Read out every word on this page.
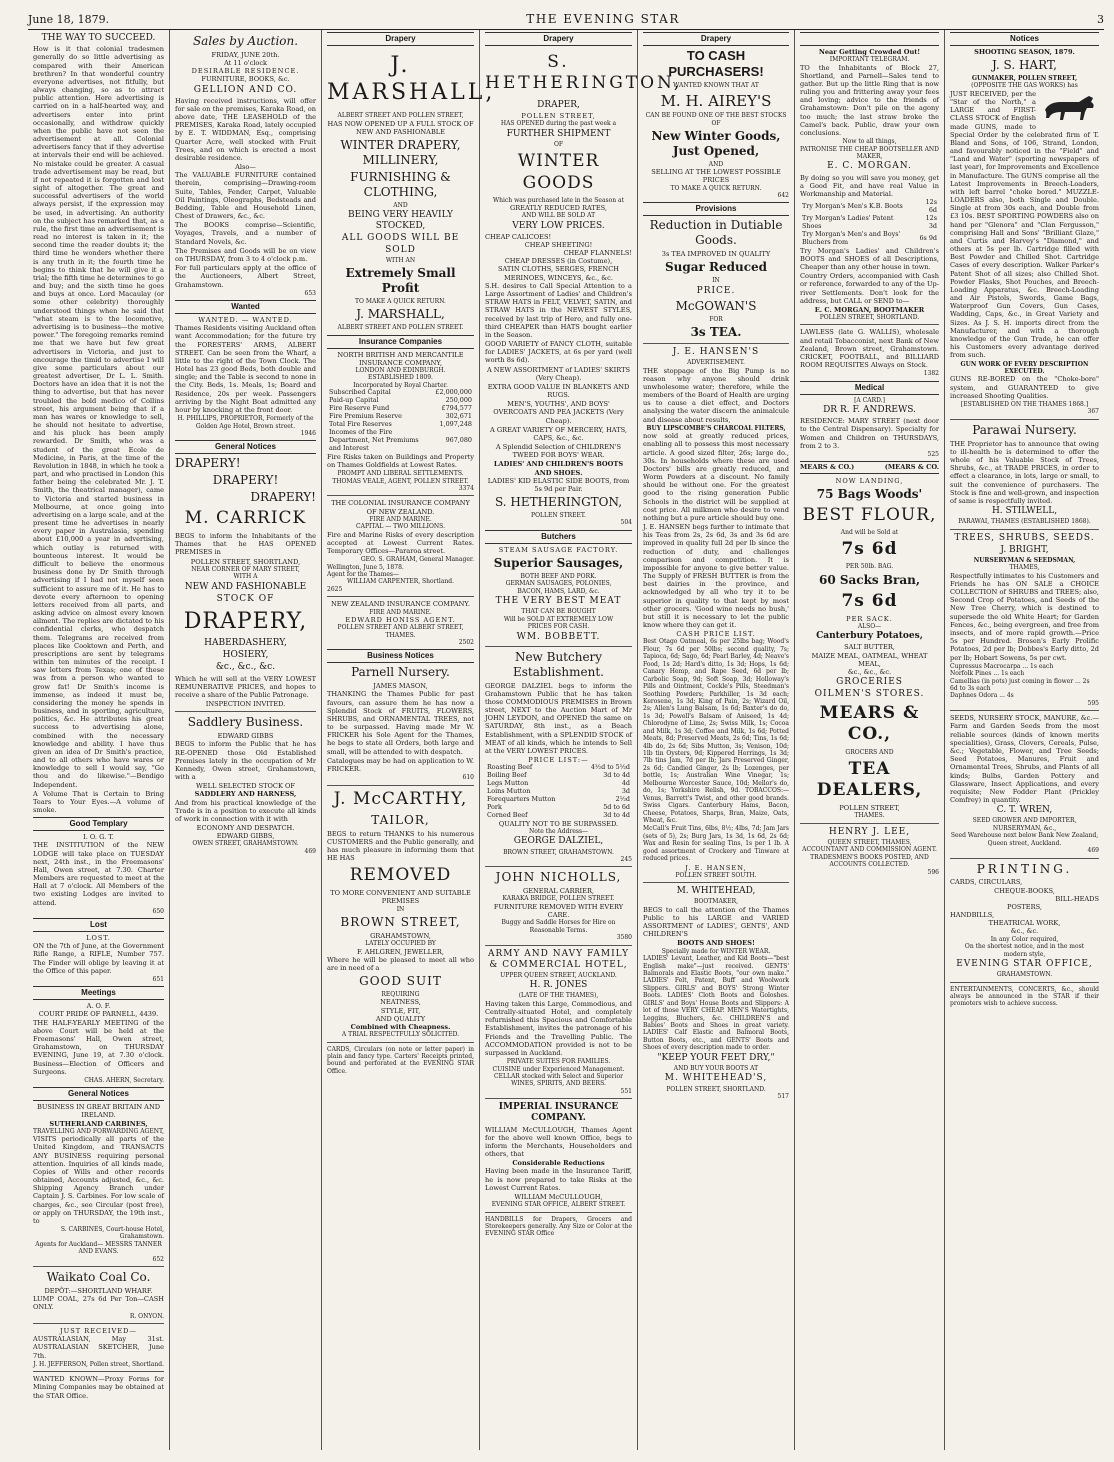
June 18, 1879.	THE EVENING STAR	3
THE WAY TO SUCCEED.

How is it that colonial tradesmen generally do so little advertising as compared with their American brethren? In that wonderful country everyone advertises, not fitfully, but always changing, so as to attract public attention. Here advertising is carried on in a half-hearted way, and advertisers enter into print occasionally, and withdraw quickly when the public have not seen the advertisement at all. Colonial advertisers fancy that if they advertise at intervals their end will be achieved. No mistake could be greater. A casual trade advertisement may be read, but if not repeated it is forgotten and lost sight of altogether. The great and successful advertisers of the world always persist, if the expression may be used, in advertising. An authority on the subject has remarked that, as a rule, the first time an advertisement is read no interest is taken in it; the second time the reader doubts it; the third time he wonders whether there is any truth in it; the fourth time he begins to think that he will give it a trial; the fifth time he determines to go and buy; and the sixth time he goes and buys at once. Lord Macaulay (or some other celebrity) thoroughly understood things when he said that "what steam is to the locomotive, advertising is to business—the motive power." The foregoing remarks remind me that we have but few great advertisers in Victoria, and just to encourage the timid to advertise I will give some particulars about our greatest advertiser, Dr L. L. Smith. Doctors have an idea that it is not the thing to advertise, but that has never troubled the bold medico of Collins street, his argument being that if a man has wares or knowledge to sell, he should not hesitate to advertise, and his pluck has been amply rewarded. Dr Smith, who was a student of the great Ecole de Medicine, in Paris, at the time of the Revolution in 1848, in which he took a part, and who practised in London (his father being the celebrated Mr. J. T. Smith, the theatrical manager), came to Victoria and started business in Melbourne, at once going into advertising on a large scale, and at the present time he advertises in nearly every paper in Australasia, spending about £10,000 a year in advertising, which outlay is returned with bounteous interest. It would be difficult to believe the enormous business done by Dr Smith through advertising if I had not myself seen sufficient to assure me of it. He has to devote every afternoon to opening letters received from all parts, and asking advice on almost every known ailment. The replies are dictated to his confidential clerks, who despatch them. Telegrams are received from places like Cooktown and Perth, and prescriptions are sent by telegrams within ten minutes of the receipt. I saw letters from Texas; one of these was from a person who wanted to grow fat! Dr Smith's income is immense, as indeed it must be, considering the money he spends in business, and in sporting, agriculture, politics, &c. He attributes his great success to advertising alone, combined with the necessary knowledge and ability. I have thus given an idea of Dr Smith's practice, and to all others who have wares or knowledge to sell I would say, "Go thou and do likewise."—Bendigo Independent.

A Volume That is Certain to Bring Tears to Your Eyes.—A volume of smoke.

Good Templary
I. O. G. T.

THE INSTITUTION of the NEW LODGE will take place on TUESDAY next, 24th inst., in the Freemasons' Hall, Owen street, at 7.30. Charter Members are requested to meet at the Hall at 7 o'clock. All Members of the two existing Lodges are invited to attend.

650
Lost
LOST.

ON the 7th of June, at the Government Rifle Range, a RIFLE, Number 757. The Finder will oblige by leaving it at the Office of this paper.

651
Meetings
A. O. F.
COURT PRIDE OF PARNELL, 4439.

THE HALF-YEARLY MEETING of the above Court will be held at the Freemasons' Hall, Owen street, Grahamstown, on THURSDAY EVENING, June 19, at 7.30 o'clock. Business—Election of Officers and Surgeons.

CHAS. AHERN, Secretary.
General Notices
BUSINESS IN GREAT BRITAIN AND IRELAND.
SUTHERLAND CARBINES,
TRAVELLING AND FORWARDING AGENT,

VISITS periodically all parts of the United Kingdom, and TRANSACTS ANY BUSINESS requiring personal attention. Inquiries of all kinds made, Copies of Wills and other records obtained, Accounts adjusted, &c., &c. Shipping Agency Branch under Captain J. S. Carbines. For low scale of charges, &c., see Circular (post free), or apply on THURSDAY, the 19th inst., to

S. CARBINES, Court-house Hotel, Grahamstown.
Agents for Auckland— MESSRS TANNER AND EVANS.
652
Waikato Coal Co.
DEPÔT:—SHORTLAND WHARF.

LUMP COAL, 27s 6d Per Ton—CASH ONLY.

R. ONYON.
JUST RECEIVED—

AUSTRALASIAN, May 31st. AUSTRALASIAN SKETCHER, June 7th.

J. H. JEFFERSON, Pollen street, Shortland.

WANTED KNOWN—Proxy Forms for Mining Companies may be obtained at the STAR Office.

Sales by Auction.
FRIDAY, JUNE 20th.
At 11 o'clock
DESIRABLE RESIDENCE.
FURNITURE, BOOKS, &c.
GELLION AND CO.

Having received instructions, will offer for sale on the premises, Karaka Road, on above date, THE LEASEHOLD of the PREMISES, Karaka Road, lately occupied by E. T. WIDDMAN, Esq., comprising Quarter Acre, well stocked with Fruit Trees, and on which is erected a most desirable residence.

Also—

The VALUABLE FURNITURE contained therein, comprising—Drawing-room Suite, Tables, Fender, Carpet, Valuable Oil Paintings, Oleographs, Bedsteads and Bedding, Table and Household Linen, Chest of Drawers, &c., &c.

The BOOKS comprise—Scientific, Voyages, Travels, and a number of Standard Novels, &c.

The Premises and Goods will be on view on THURSDAY, from 3 to 4 o'clock p.m.

For full particulars apply at the office of the Auctioneers, Albert Street, Grahamstown.

653
Wanted
WANTED. — WANTED.

Thames Residents visiting Auckland often want Accommodation; for the future try the FORESTERS' ARMS, ALBERT STREET. Can be seen from the Wharf, a little to the right of the Town Clock. The Hotel has 23 good Beds, both double and single; and the Table is second to none in the City. Beds, 1s. Meals, 1s; Board and Residence, 20s per week. Passengers arriving by the Night Boat admitted any hour by knocking at the front door.

H. PHILLIPS, PROPRIETOR, Formerly of the Golden Age Hotel, Brown street.
1946
General Notices
DRAPERY!
DRAPERY!
DRAPERY!
M. CARRICK

BEGS to inform the Inhabitants of the Thames that he HAS OPENED PREMISES in

POLLEN STREET, SHORTLAND,
NEAR CORNER OF MARY STREET,
WITH A
NEW AND FASHIONABLE
STOCK OF
DRAPERY,
HABERDASHERY,
HOSIERY,
&c., &c., &c.

Which he will sell at the VERY LOWEST REMUNERATIVE PRICES, and hopes to receive a share of the Public Patronage.

INSPECTION INVITED.
Saddlery Business.
EDWARD GIBBS

BEGS to inform the Public that he has RE-OPENED those Old Established Premises lately in the occupation of Mr Kennedy, Owen street, Grahamstown, with a

WELL SELECTED STOCK OF
SADDLERY AND HARNESS,

And from his practical knowledge of the Trade is in a position to execute all kinds of work in connection with it with

ECONOMY AND DESPATCH.
EDWARD GIBBS,
OWEN STREET, GRAHAMSTOWN.
469
Drapery
J. MARSHALL,
ALBERT STREET AND POLLEN STREET,

HAS NOW OPENED UP A FULL STOCK OF NEW AND FASHIONABLE

WINTER DRAPERY, MILLINERY,
FURNISHING & CLOTHING,
AND
BEING VERY HEAVILY STOCKED,
ALL GOODS WILL BE SOLD
WITH AN
Extremely Small Profit
TO MAKE A QUICK RETURN.
J. MARSHALL,
ALBERT STREET AND POLLEN STREET.
Insurance Companies
NORTH BRITISH AND MERCANTILE INSURANCE COMPANY,
LONDON AND EDINBURGH.
ESTABLISHED 1809.
Incorporated by Royal Charter.
Subscribed Capital	£2,000,000
Paid-up Capital	250,000
Fire Reserve Fund	£794,577
Fire Premium Reserve	302,671
Total Fire Reserves	1,097,248
Incomes of the Fire Department, Net Premiums and Interest	967,080

Fire Risks taken on Buildings and Property on Thames Goldfields at Lowest Rates.

PROMPT AND LIBERAL SETTLEMENTS.
THOMAS VEALE, AGENT, POLLEN STREET.
3374
THE COLONIAL INSURANCE COMPANY OF NEW ZEALAND.
FIRE AND MARINE.
CAPITAL — TWO MILLIONS.

Fire and Marine Risks of every description accepted at Lowest Current Rates. Temporary Offices—Pararoa street.

GEO. S. GRAHAM, General Manager.
Wellington, June 5, 1878.
Agent for the Thames—
WILLIAM CARPENTER, Shortland.
2625
NEW ZEALAND INSURANCE COMPANY.
FIRE AND MARINE.
EDWARD HONISS AGENT.
POLLEN STREET AND ALBERT STREET, THAMES.
2502
Business Notices
Parnell Nursery.
JAMES MASON,

THANKING the Thames Public for past favours, can assure them he has now a Splendid Stock of FRUITS, FLOWERS, SHRUBS, and ORNAMENTAL TREES, not to be surpassed. Having made Mr W. FRICKER his Sole Agent for the Thames, he begs to state all Orders, both large and small, will be attended to with despatch.

Catalogues may be had on application to W. FRICKER.

610
J. McCARTHY,
TAILOR,

BEGS to return THANKS to his numerous CUSTOMERS and the Public generally, and has much pleasure in informing them that HE HAS

REMOVED
TO MORE CONVENIENT AND SUITABLE PREMISES
IN
BROWN STREET,
GRAHAMSTOWN,
LATELY OCCUPIED BY
F. AHLGREN, JEWELLER,

Where he will be pleased to meet all who are in need of a

GOOD SUIT
REQUIRING
NEATNESS,
STYLE, FIT,
AND QUALITY
Combined with Cheapness.
A TRIAL RESPECTFULLY SOLICITED.

CARDS, Circulars (on note or letter paper) in plain and fancy type. Carters' Receipts printed, bound and perforated at the EVENING STAR Office.

Drapery
S. HETHERINGTON,
DRAPER,
POLLEN STREET,
HAS OPENED during the past week a
FURTHER SHIPMENT
OF
WINTER GOODS
Which was purchased late in the Season at
GREATLY REDUCED RATES,
AND WILL BE SOLD AT
VERY LOW PRICES.
CHEAP CALICOES!
CHEAP SHEETING!
CHEAP FLANNELS!
CHEAP DRESSES (in Costume),
SATIN CLOTHS, SERGES, FRENCH MERINOES, WINCEYS, &c., &c.

S.H. desires to Call Special Attention to a Large Assortment of Ladies' and Children's STRAW HATS in FELT, VELVET, SATIN, and STRAW HATS in the NEWEST STYLES, received by last trip of Hero, and fully one-third CHEAPER than HATS bought earlier in the Season.

GOOD VARIETY of FANCY CLOTH, suitable for LADIES' JACKETS, at 6s per yard (well worth 8s 6d).

A NEW ASSORTMENT of LADIES' SKIRTS (Very Cheap).

EXTRA GOOD VALUE IN BLANKETS AND RUGS.

MEN'S, YOUTHS', AND BOYS' OVERCOATS AND PEA JACKETS (Very Cheap).

A GREAT VARIETY OF MERCERY, HATS, CAPS, &c., &c.

A Splendid Selection of CHILDREN'S TWEED FOR BOYS' WEAR.

LADIES' AND CHILDREN'S BOOTS AND SHOES.

LADIES' KID ELASTIC SIDE BOOTS, from 5s 9d per Pair.

S. HETHERINGTON,
POLLEN STREET.
504
Butchers
STEAM SAUSAGE FACTORY.
Superior Sausages,
BOTH BEEF AND PORK.
GERMAN SAUSAGES, POLONIES,
BACON, HAMS, LARD, &c.
THE VERY BEST MEAT
THAT CAN BE BOUGHT
Will be SOLD AT EXTREMELY LOW
PRICES FOR CASH.
WM. BOBBETT.
New Butchery Establishment.

GEORGE DALZIEL begs to inform the Grahamstown Public that he has taken those COMMODIOUS PREMISES in Brown street, NEXT to the Auction Mart of Mr JOHN LEYDON, and OPENED the same on SATURDAY, 8th inst., as a Beach Establishment, with a SPLENDID STOCK of MEAT of all kinds, which he intends to Sell at the VERY LOWEST PRICES.

PRICE LIST:—
Roasting Beef	4½d to 5½d
Boiling Beef	3d to 4d
Legs Mutton	4d
Loins Mutton	3d
Forequarters Mutton	2½d
Pork	5d to 6d
Corned Beef	3d to 4d
QUALITY NOT TO BE SURPASSED.
Note the Address—
GEORGE DALZIEL,
BROWN STREET, GRAHAMSTOWN.
245
JOHN NICHOLLS,
GENERAL CARRIER,
KARAKA BRIDGE, POLLEN STREET.
FURNITURE REMOVED WITH EVERY CARE.
Buggy and Saddle Horses for Hire on Reasonable Terms.
3580
ARMY AND NAVY FAMILY & COMMERCIAL HOTEL,
UPPER QUEEN STREET, AUCKLAND.
H. R. JONES
(LATE OF THE THAMES),

Having taken this Large, Commodious, and Centrally-situated Hotel, and completely refurnished this Spacious and Comfortable Establishment, invites the patronage of his Friends and the Travelling Public. The ACCOMMODATION provided is not to be surpassed in Auckland.

PRIVATE SUITES FOR FAMILIES.
CUISINE under Experienced Management.
CELLAR stocked with Select and Superior WINES, SPIRITS, AND BEERS.
551
IMPERIAL INSURANCE COMPANY.

WILLIAM McCULLOUGH, Thames Agent for the above well known Office, begs to inform the Merchants, Householders and others, that

Considerable Reductions

Having been made in the Insurance Tariff, he is now prepared to take Risks at the Lowest Current Rates.

WILLIAM McCULLOUGH,
EVENING STAR OFFICE, ALBERT STREET.

HANDBILLS for Drapers, Grocers and Storekeepers generally. Any Size or Color at the EVENING STAR Office

Drapery
TO CASH PURCHASERS!
WANTED KNOWN THAT AT
M. H. AIREY'S
CAN BE FOUND ONE OF THE BEST STOCKS OF
New Winter Goods, Just Opened,
AND
SELLING AT THE LOWEST POSSIBLE PRICES
TO MAKE A QUICK RETURN.
642
Provisions
Reduction in Dutiable Goods.
3s TEA IMPROVED IN QUALITY
Sugar Reduced
IN
PRICE.
McGOWAN'S
FOR
3s TEA.
J. E. HANSEN'S
ADVERTISEMENT.

THE stoppage of the Big Pump is no reason why anyone should drink unwholesome water; therefore, while the members of the Board of Health are urging us to cause a diet effect, and Doctors analysing the water discern the animalcule and disease about results,

BUY LIPSCOMBE'S CHARCOAL FILTERS,

now sold at greatly reduced prices, enabling all to possess this most necessary article. A good sized filter, 26s; large do., 30s. In households where these are used Doctors' bills are greatly reduced, and Worm Powders at a discount. No family should be without one. For the greatest good to the rising generation Public Schools in the district will be supplied at cost price. All milkmen who desire to vend nothing but a pure article should buy one.

J. E. HANSEN begs further to intimate that his Teas from 2s, 2s 6d, 3s and 3s 6d are improved in quality full 2d per lb since the reduction of duty, and challenges comparison and competition. It is impossible for anyone to give better value. The Supply of FRESH BUTTER is from the best dairies in the province, and acknowledged by all who try it to be superior in quality to that kept by most other grocers. 'Good wine needs no bush,' but still it is necessary to let the public know where they can get it.

CASH PRICE LIST.

Best Otago Oatmeal, 6s per 25lbs bag; Wood's Flour, 7s 6d per 50lbs; second quality, 7s; Tapioca, 6d; Sago, 6d; Pearl Barley, 4d; Neave's Food, 1s 2d; Hard's ditto, 1s 3d; Hops, 1s 6d; Canary Hemp, and Rape Seed, 6d per lb; Carbolic Soap, 9d; Soft Soap, 3d; Holloway's Pills and Ointment, Cockle's Pills, Steedman's Soothing Powders; Parkhiller, 1s 3d each; Kerosene, 1s 3d; King of Pain, 2s; Wizard Oil, 2s; Allen's Lung Balsam, 1s 6d; Baxter's do do, 1s 3d; Powell's Balsam of Aniseed, 1s 4d; Chlorodyne of Lime, 2s; Swiss Milk, 1s; Cocoa and Milk, 1s 3d; Coffee and Milk, 1s 6d; Potted Meats, 8d; Preserved Meats, 2s 6d; Tins, 1s 6d; 4lb do, 2s 6d; Sibs Mutton, 3s; Venison, 10d; 1lb tin Oysters, 9d; Kippered Herrings, 1s 3d; 7lb tins Jam, 7d per lb; Jars Preserved Ginger, 2s 6d; Candied Ginger, 2s lb; Lozenges, per bottle, 1s; Australian Wine Vinegar, 1s; Melbourne Worcester Sauce, 10d; Mellor's do, do, 1s; Yorkshire Relish, 9d. TOBACCOS:—Venus, Barrett's Twist, and other good brands. Swiss Cigars. Canterbury Hams, Bacon, Cheese, Potatoes, Sharps, Bran, Maize, Oats, Wheat, &c.

McCall's Fruit Tins, 6lbs, 8½; 4lbs, 7d; Jam Jars (sets of 5), 2s; Burg Jars, 1s 3d, 1s 6d, 2s 6d; Wax and Resin for sealing Tins, 1s per 1 lb. A good assortment of Crockery and Tinware at reduced prices.

J. E. HANSEN,
POLLEN STREET SOUTH.
M. WHITEHEAD,
BOOTMAKER,

BEGS to call the attention of the Thames Public to his LARGE and VARIED ASSORTMENT of LADIES', GENTS', AND CHILDREN'S

BOOTS AND SHOES!
Specially made for WINTER WEAR.

LADIES' Levant, Leather, and Kid Boots—"best English make"—just received. GENTS' Balmorals and Elastic Boots, "our own make." LADIES' Felt, Patent, Buff and Woolwork Slippers. GIRLS' and BOYS' Strong Winter Boots. LADIES' Cloth Boots and Goloshes. GIRLS' and Boys' House Boots and Slippers: A lot of those VERY CHEAP. MEN'S Watertights, Leggins, Bluchers, &c. CHILDREN'S and Babies' Boots and Shoes in great variety. LADIES' Calf Elastic and Balmoral Boots, Button Boots, etc., and GENTS' Boots and Shoes of every description made to order.

"KEEP YOUR FEET DRY,"
AND BUY YOUR BOOTS AT
M. WHITEHEAD'S,
POLLEN STREET, SHORTLAND.
517

Near Getting Crowded Out!
IMPORTANT TELEGRAM.

TO the Inhabitants of Block 27, Shortland, and Parnell—Sales tend to gather. But up the little Ring that is now ruling you and frittering away your fees and loving; advice to the friends of Grahamstown: Don't pile on the agony too much; the last straw broke the Camel's back. Public, draw your own conclusions.

Now to all things,
PATRONISE THE CHEAP BOOTSELLER AND MAKER,
E. C. MORGAN.

By doing so you will save you money, get a Good Fit, and have real Value in Workmanship and Material.

Try Morgan's Men's K.B. Boots	12s 6d
Try Morgan's Ladies' Patent Shoes	12s 3d
Try Morgan's Men's and Boys' Bluchers from	6s 9d

Try Morgan's Ladies' and Children's BOOTS and SHOES of all Descriptions, Cheaper than any other house in town.

Country Orders, accompanied with Cash or reference, forwarded to any of the Up-river Settlements. Don't look for the address, but CALL or SEND to—

E. C. MORGAN, BOOTMAKER
POLLEN STREET, SHORTLAND.

LAWLESS (late G. WALLIS), wholesale and retail Tobacconist, next Bank of New Zealand, Brown street, Grahamstown. CRICKET, FOOTBALL, and BILLIARD ROOM REQUISITES Always on Stock.

1382
Medical
[A CARD.]
DR R. F. ANDREWS.

RESIDENCE: MARY STREET (next door to the Central Dispensary). Specialty for Women and Children on THURSDAYS, from 2 to 3.

525
MEARS & CO.)	(MEARS & CO.
NOW LANDING,
75 Bags Woods'
BEST FLOUR,
And will be Sold at
7s 6d
PER 50lb. BAG.
60 Sacks Bran,
7s 6d
PER SACK.
ALSO—
Canterbury Potatoes,
SALT BUTTER,
MAIZE MEAL, OATMEAL, WHEAT MEAL,
&c., &c., &c.
GROCERIES
OILMEN'S STORES.
MEARS & CO.,
GROCERS AND
TEA DEALERS,
POLLEN STREET,
THAMES.
HENRY J. LEE,
QUEEN STREET, THAMES,
ACCOUNTANT AND COMMISSION AGENT.
TRADESMEN'S BOOKS POSTED, AND ACCOUNTS COLLECTED.
596
Notices
SHOOTING SEASON, 1879.
J. S. HART,
GUNMAKER, POLLEN STREET,
(OPPOSITE THE GAS WORKS) has

JUST RECEIVED, per the "Star of the North," a LARGE and FIRST-CLASS STOCK of English made GUNS, made to Special Order by the celebrated firm of T. Bland and Sons, of 106, Strand, London, and favourably noticed in the "Field" and "Land and Water" (sporting newspapers of last year), for Improvements and Excellence in Manufacture. The GUNS comprise all the Latest Improvements in Breech-Loaders, with left barrel "choke bored." MUZZLE-LOADERS also, both Single and Double. Single at from 30s each, and Double from £3 10s. BEST SPORTING POWDERS also on hand per "Glenora" and "Clan Fergusson," comprising Hall and Sons' "Brilliant Glaze," and Curtis and Harvey's "Diamond," and others at 5s per lb. Cartridge filled with Best Powder and Chilled Shot. Cartridge Cases of every description. Walker Parker's Patent Shot of all sizes; also Chilled Shot. Powder Flasks, Shot Pouches, and Breech-Loading Apparatus, &c. Breech-Loading and Air Pistols, Swords, Game Bags, Waterproof Gun Covers, Gun Cases, Wadding, Caps, &c., in Great Variety and Sizes. As J. S. H. imports direct from the Manufacturer, and with a thorough knowledge of the Gun Trade, he can offer his Customers every advantage derived from such.

GUN WORK OF EVERY DESCRIPTION EXECUTED.

GUNS RE-BORED on the "Choke-bore" system, and GUARANTEED to give increased Shooting Qualities.

[ESTABLISHED ON THE THAMES 1868.]
367
Parawai Nursery.

THE Proprietor has to announce that owing to ill-health he is determined to offer the whole of his Valuable Stock of Trees, Shrubs, &c., at TRADE PRICES, in order to effect a clearance, in lots, large or small, to suit the convenience of purchasers. The Stock is fine and well-grown, and inspection of same is respectfully invited.

H. STILWELL,
PARAWAI, THAMES (ESTABLISHED 1868).
TREES, SHRUBS, SEEDS.
J. BRIGHT,
NURSERYMAN & SEEDSMAN,
THAMES,

Respectfully intimates to his Customers and Friends he has ON SALE a CHOICE COLLECTION of SHRUBS and TREES; also, Second Crop of Potatoes, and Seeds of the New Tree Cherry, which is destined to supersede the old White Heart; for Garden Fences, &c., being evergreen, and free from insects, and of more rapid growth.—Price 5s per Hundred. Brosen's Early Prolific Potatoes, 2d per lb; Dobbes's Early ditto, 2d per lb; Hobart Sowens, 5s per cwt.

Cupressus Macrocarpa ... 1s each
Norfolk Pines ... 1s each
Camellias (in pots) just coming in flower ... 2s 6d to 3s each
Daphnes Odora ... 4s
595

SEEDS, NURSERY STOCK, MANURE, &c.—Farm and Garden Seeds from the most reliable sources (kinds of known merits specialities), Grass, Clovers, Cereals, Pulse, &c.; Vegetable, Flower, and Tree Seeds; Seed Potatoes, Manures, Fruit and Ornamental Trees, Shrubs, and Plants of all kinds; Bulbs, Garden Pottery and Glassware, Insect Applications, and every requisite; New Fodder Plant (Prickley Comfrey) in quantity.

C. T. WREN,
SEED GROWER AND IMPORTER, NURSERYMAN, &c.,
Seed Warehouse next below Bank New Zealand, Queen street, Auckland.
469
PRINTING.
CARDS, CIRCULARS,
CHEQUE-BOOKS,
BILL-HEADS
POSTERS,
HANDBILLS,
THEATRICAL WORK,
&c., &c.
In any Color required,
On the shortest notice, and in the most
modern style,
EVENING STAR OFFICE,
GRAHAMSTOWN.

ENTERTAINMENTS, CONCERTS, &c., should always be announced in the STAR if their promoters wish to achieve success.
